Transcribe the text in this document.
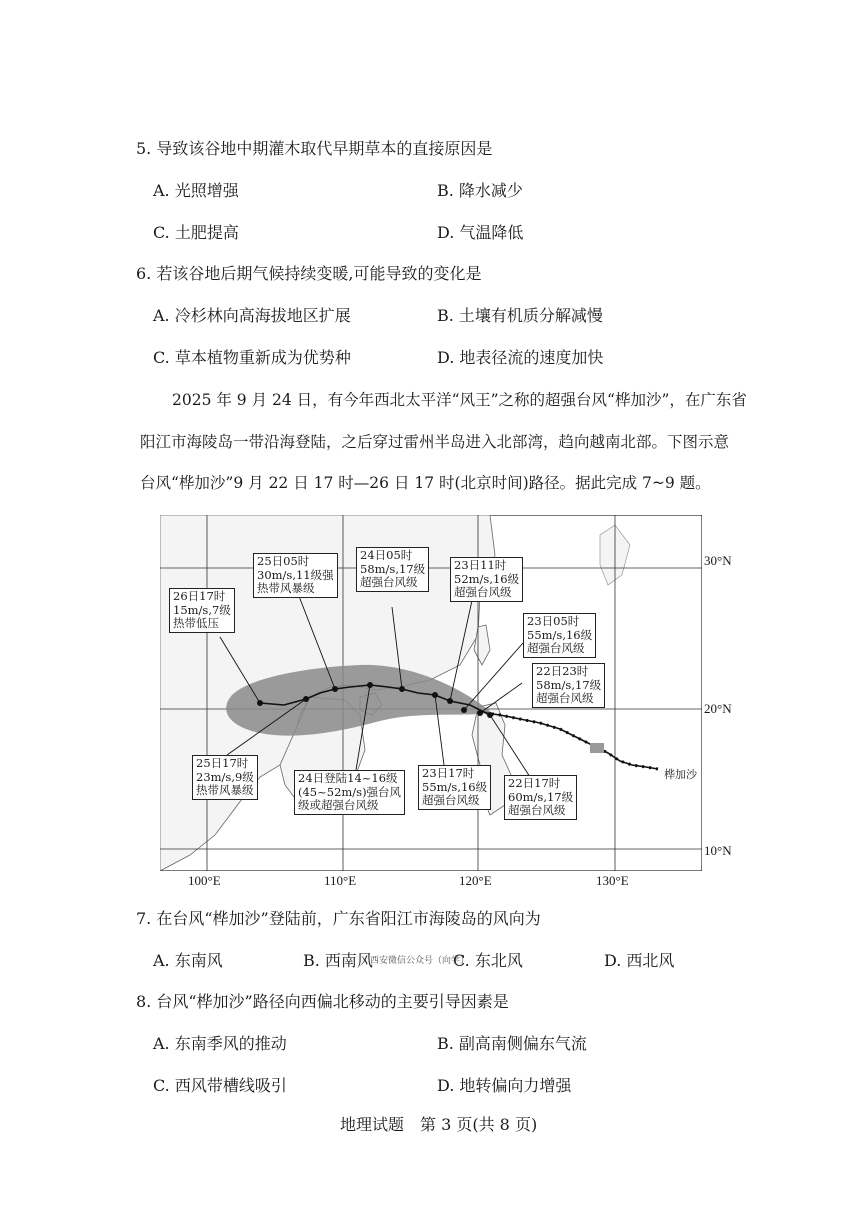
5. 导致该谷地中期灌木取代早期草本的直接原因是
A. 光照增强	B. 降水减少
C. 土肥提高	D. 气温降低
6. 若该谷地后期气候持续变暖,可能导致的变化是
A. 冷杉林向高海拔地区扩展	B. 土壤有机质分解减慢
C. 草本植物重新成为优势种	D. 地表径流的速度加快
2025 年 9 月 24 日，有今年西北太平洋“风王”之称的超强台风“桦加沙”，在广东省
阳江市海陵岛一带沿海登陆，之后穿过雷州半岛进入北部湾，趋向越南北部。下图示意
台风“桦加沙”9 月 22 日 17 时—26 日 17 时(北京时间)路径。据此完成 7~9 题。
26日17时
15m/s,7级
热带低压
25日05时
30m/s,11级强
热带风暴级
24日05时
58m/s,17级
超强台风级
23日11时
52m/s,16级
超强台风级
23日05时
55m/s,16级
超强台风级
22日23时
58m/s,17级
超强台风级
25日17时
23m/s,9级
热带风暴级
24日登陆14~16级
(45~52m/s)强台风
级或超强台风级
23日17时
55m/s,16级
超强台风级
22日17时
60m/s,17级
超强台风级
桦加沙
30°N
20°N
10°N
100°E	110°E	120°E	130°E
7. 在台风“桦加沙”登陆前，广东省阳江市海陵岛的风向为
A. 东南风	B. 西南风	C. 东北风	D. 西北风
西安微信公众号（向学）
8. 台风“桦加沙”路径向西偏北移动的主要引导因素是
A. 东南季风的推动	B. 副高南侧偏东气流
C. 西风带槽线吸引	D. 地转偏向力增强
地理试题　第 3 页(共 8 页)
